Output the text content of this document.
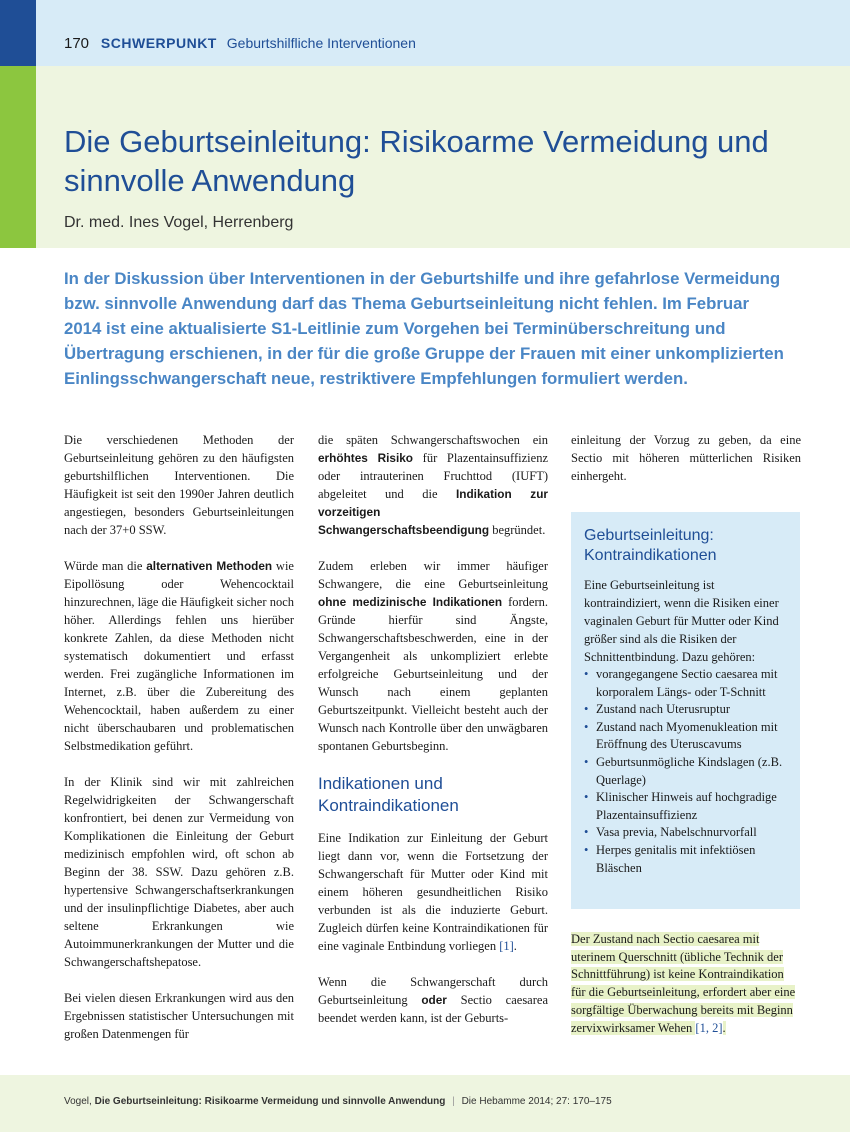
170 SCHWERPUNKT Geburtshilfliche Interventionen
Die Geburtseinleitung: Risikoarme Vermeidung und sinnvolle Anwendung
Dr. med. Ines Vogel, Herrenberg

In der Diskussion über Interventionen in der Geburtshilfe und ihre gefahrlose Vermeidung bzw. sinnvolle Anwendung darf das Thema Geburtseinleitung nicht fehlen. Im Februar 2014 ist eine aktualisierte S1-Leitlinie zum Vorgehen bei Terminüberschreitung und Übertragung erschienen, in der für die große Gruppe der Frauen mit einer unkomplizierten Einlingsschwangerschaft neue, restriktivere Empfehlungen formuliert werden.

Die verschiedenen Methoden der Geburtseinleitung gehören zu den häufigsten geburtshilflichen Interventionen. Die Häufigkeit ist seit den 1990er Jahren deutlich angestiegen, besonders Geburtseinleitungen nach der 37+0 SSW.

Würde man die alternativen Methoden wie Eipollösung oder Wehencocktail hinzurechnen, läge die Häufigkeit sicher noch höher. Allerdings fehlen uns hierüber konkrete Zahlen, da diese Methoden nicht systematisch dokumentiert und erfasst werden. Frei zugängliche Informationen im Internet, z.B. über die Zubereitung des Wehencocktail, haben außerdem zu einer nicht überschaubaren und problematischen Selbstmedikation geführt.

In der Klinik sind wir mit zahlreichen Regelwidrigkeiten der Schwangerschaft konfrontiert, bei denen zur Vermeidung von Komplikationen die Einleitung der Geburt medizinisch empfohlen wird, oft schon ab Beginn der 38. SSW. Dazu gehören z.B. hypertensive Schwangerschaftserkrankungen und der insulinpflichtige Diabetes, aber auch seltene Erkrankungen wie Autoimmunerkrankungen der Mutter und die Schwangerschaftshepatose.

Bei vielen diesen Erkrankungen wird aus den Ergebnissen statistischer Untersuchungen mit großen Datenmengen für

die späten Schwangerschaftswochen ein erhöhtes Risiko für Plazentainsuffizienz oder intrauterinen Fruchttod (IUFT) abgeleitet und die Indikation zur vorzeitigen Schwangerschaftsbeendigung begründet.

Zudem erleben wir immer häufiger Schwangere, die eine Geburtseinleitung ohne medizinische Indikationen fordern. Gründe hierfür sind Ängste, Schwangerschaftsbeschwerden, eine in der Vergangenheit als unkompliziert erlebte erfolgreiche Geburtseinleitung und der Wunsch nach einem geplanten Geburtszeitpunkt. Vielleicht besteht auch der Wunsch nach Kontrolle über den unwägbaren spontanen Geburtsbeginn.

Indikationen und Kontraindikationen

Eine Indikation zur Einleitung der Geburt liegt dann vor, wenn die Fortsetzung der Schwangerschaft für Mutter oder Kind mit einem höheren gesundheitlichen Risiko verbunden ist als die induzierte Geburt. Zugleich dürfen keine Kontraindikationen für eine vaginale Entbindung vorliegen [1].

Wenn die Schwangerschaft durch Geburtseinleitung oder Sectio caesarea beendet werden kann, ist der Geburts-

einleitung der Vorzug zu geben, da eine Sectio mit höheren mütterlichen Risiken einhergeht.

Geburtseinleitung: Kontraindikationen

Eine Geburtseinleitung ist kontraindiziert, wenn die Risiken einer vaginalen Geburt für Mutter oder Kind größer sind als die Risiken der Schnittentbindung. Dazu gehören:

• vorangegangene Sectio caesarea mit korporalem Längs- oder T-Schnitt
• Zustand nach Uterusruptur
• Zustand nach Myomenukleation mit Eröffnung des Uteruscavums
• Geburtsunmögliche Kindslagen (z.B. Querlage)
• Klinischer Hinweis auf hochgradige Plazentainsuffizienz
• Vasa previa, Nabelschnurvorfall
• Herpes genitalis mit infektiösen Bläschen
Der Zustand nach Sectio caesarea mit uterinem Querschnitt (übliche Technik der Schnittführung) ist keine Kontraindikation für die Geburtseinleitung, erfordert aber eine sorgfältige Überwachung bereits mit Beginn zervixwirksamer Wehen [1, 2].
Vogel, Die Geburtseinleitung: Risikoarme Vermeidung und sinnvolle Anwendung | Die Hebamme 2014; 27: 170–175
